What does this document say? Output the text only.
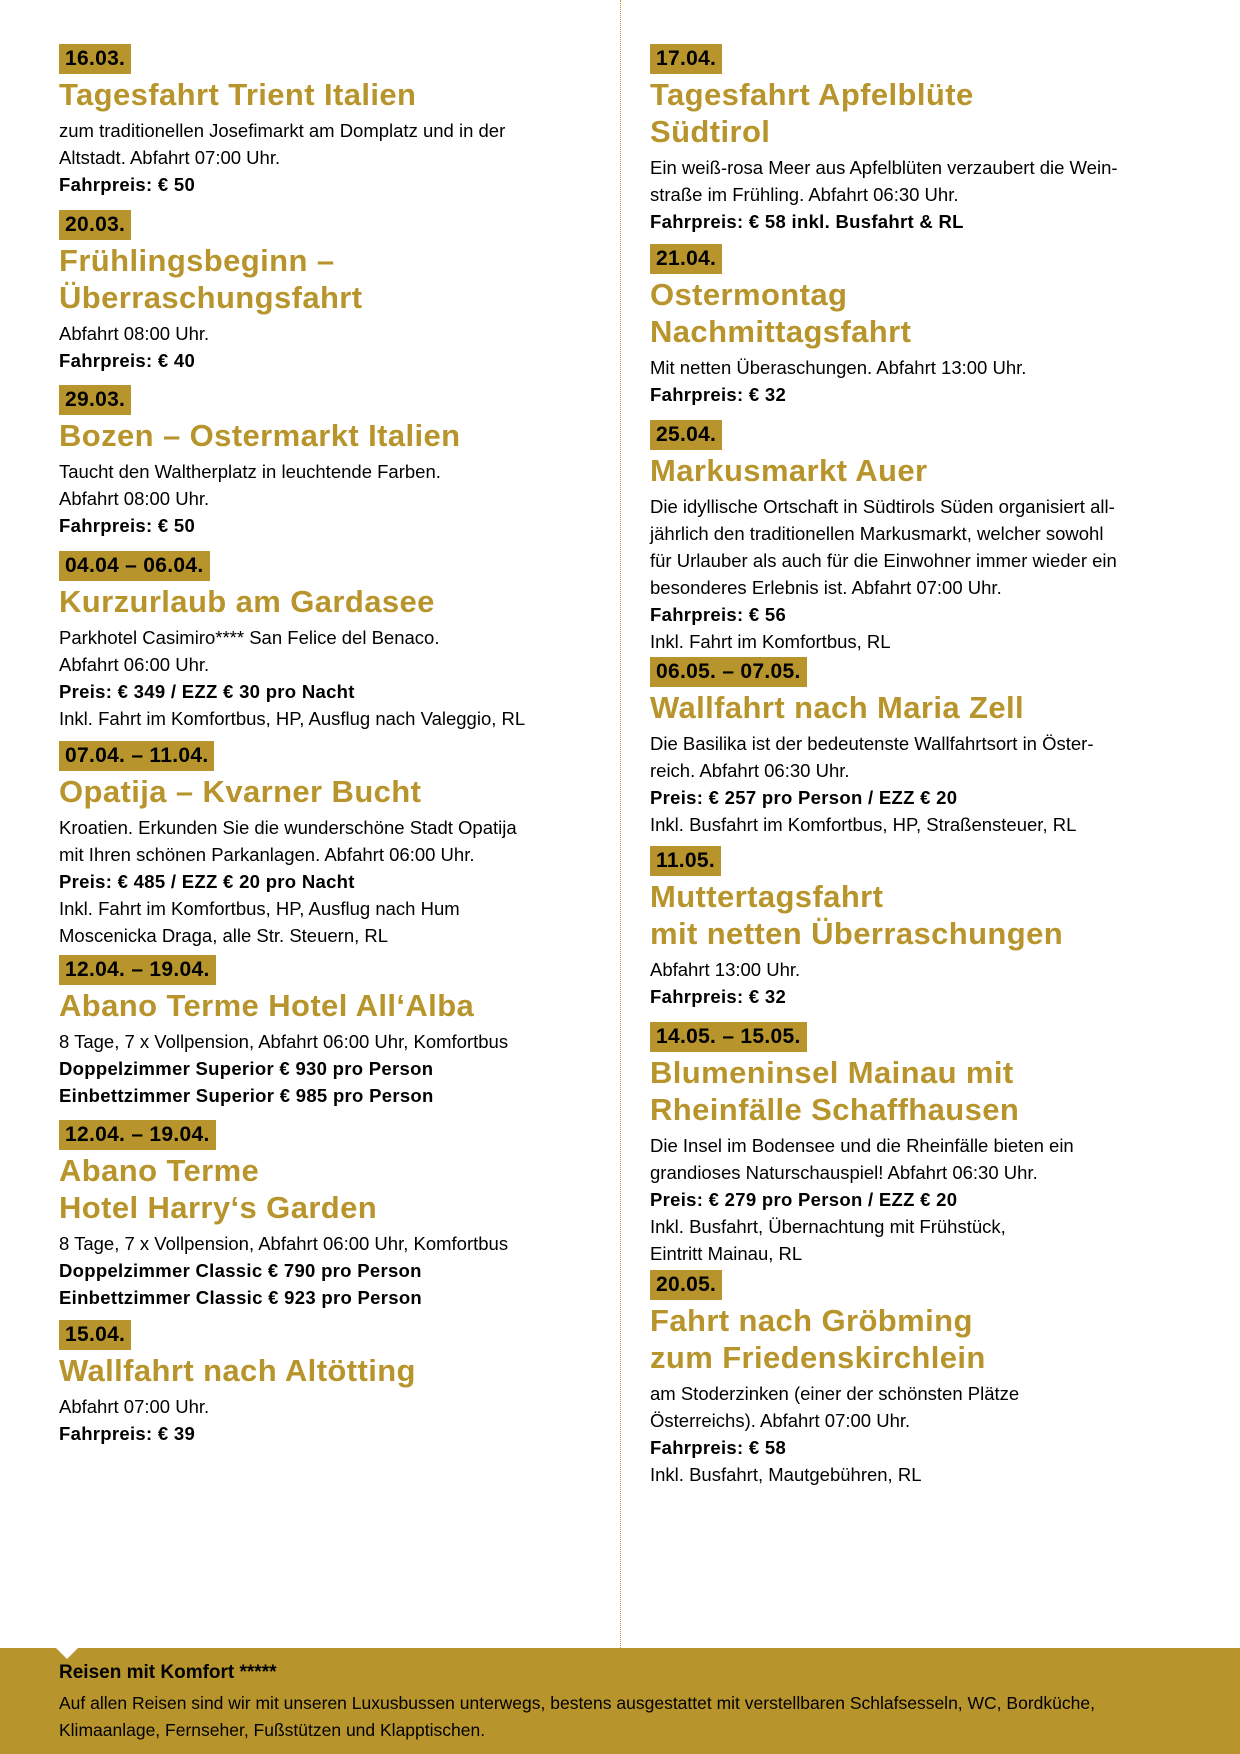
16.03.
Tagesfahrt Trient Italien
zum traditionellen Josefimarkt am Domplatz und in der
Altstadt. Abfahrt 07:00 Uhr.
Fahrpreis: € 50
20.03.
Frühlingsbeginn –
Überraschungsfahrt
Abfahrt 08:00 Uhr.
Fahrpreis: € 40
29.03.
Bozen – Ostermarkt Italien
Taucht den Waltherplatz in leuchtende Farben.
Abfahrt 08:00 Uhr.
Fahrpreis: € 50
04.04 – 06.04.
Kurzurlaub am Gardasee
Parkhotel Casimiro**** San Felice del Benaco.
Abfahrt 06:00 Uhr.
Preis: € 349 / EZZ € 30 pro Nacht
Inkl. Fahrt im Komfortbus, HP, Ausflug nach Valeggio, RL
07.04. – 11.04.
Opatija – Kvarner Bucht
Kroatien. Erkunden Sie die wunderschöne Stadt Opatija
mit Ihren schönen Parkanlagen. Abfahrt 06:00 Uhr.
Preis: € 485 / EZZ € 20 pro Nacht
Inkl. Fahrt im Komfortbus, HP, Ausflug nach Hum
Moscenicka Draga, alle Str. Steuern, RL
12.04. – 19.04.
Abano Terme Hotel All‘Alba
8 Tage, 7 x Vollpension, Abfahrt 06:00 Uhr, Komfortbus
Doppelzimmer Superior € 930 pro Person
Einbettzimmer Superior € 985 pro Person
12.04. – 19.04.
Abano Terme
Hotel Harry‘s Garden
8 Tage, 7 x Vollpension, Abfahrt 06:00 Uhr, Komfortbus
Doppelzimmer Classic € 790 pro Person
Einbettzimmer Classic € 923 pro Person
15.04.
Wallfahrt nach Altötting
Abfahrt 07:00 Uhr.
Fahrpreis: € 39
17.04.
Tagesfahrt Apfelblüte
Südtirol
Ein weiß-rosa Meer aus Apfelblüten verzaubert die Wein-
straße im Frühling. Abfahrt 06:30 Uhr.
Fahrpreis: € 58 inkl. Busfahrt & RL
21.04.
Ostermontag
Nachmittagsfahrt
Mit netten Überaschungen. Abfahrt 13:00 Uhr.
Fahrpreis: € 32
25.04.
Markusmarkt Auer
Die idyllische Ortschaft in Südtirols Süden organisiert all-
jährlich den traditionellen Markusmarkt, welcher sowohl
für Urlauber als auch für die Einwohner immer wieder ein
besonderes Erlebnis ist. Abfahrt 07:00 Uhr.
Fahrpreis: € 56
Inkl. Fahrt im Komfortbus, RL
06.05. – 07.05.
Wallfahrt nach Maria Zell
Die Basilika ist der bedeutenste Wallfahrtsort in Öster-
reich. Abfahrt 06:30 Uhr.
Preis: € 257 pro Person / EZZ € 20
Inkl. Busfahrt im Komfortbus, HP, Straßensteuer, RL
11.05.
Muttertagsfahrt
mit netten Überraschungen
Abfahrt 13:00 Uhr.
Fahrpreis: € 32
14.05. – 15.05.
Blumeninsel Mainau mit
Rheinfälle Schaffhausen
Die Insel im Bodensee und die Rheinfälle bieten ein
grandioses Naturschauspiel! Abfahrt 06:30 Uhr.
Preis: € 279 pro Person / EZZ € 20
Inkl. Busfahrt, Übernachtung mit Frühstück,
Eintritt Mainau, RL
20.05.
Fahrt nach Gröbming
zum Friedenskirchlein
am Stoderzinken (einer der schönsten Plätze
Österreichs). Abfahrt 07:00 Uhr.
Fahrpreis: € 58
Inkl. Busfahrt, Mautgebühren, RL
Reisen mit Komfort *****
Auf allen Reisen sind wir mit unseren Luxusbussen unterwegs, bestens ausgestattet mit verstellbaren Schlafsesseln, WC, Bordküche, Klimaanlage, Fernseher, Fußstützen und Klapptischen.
